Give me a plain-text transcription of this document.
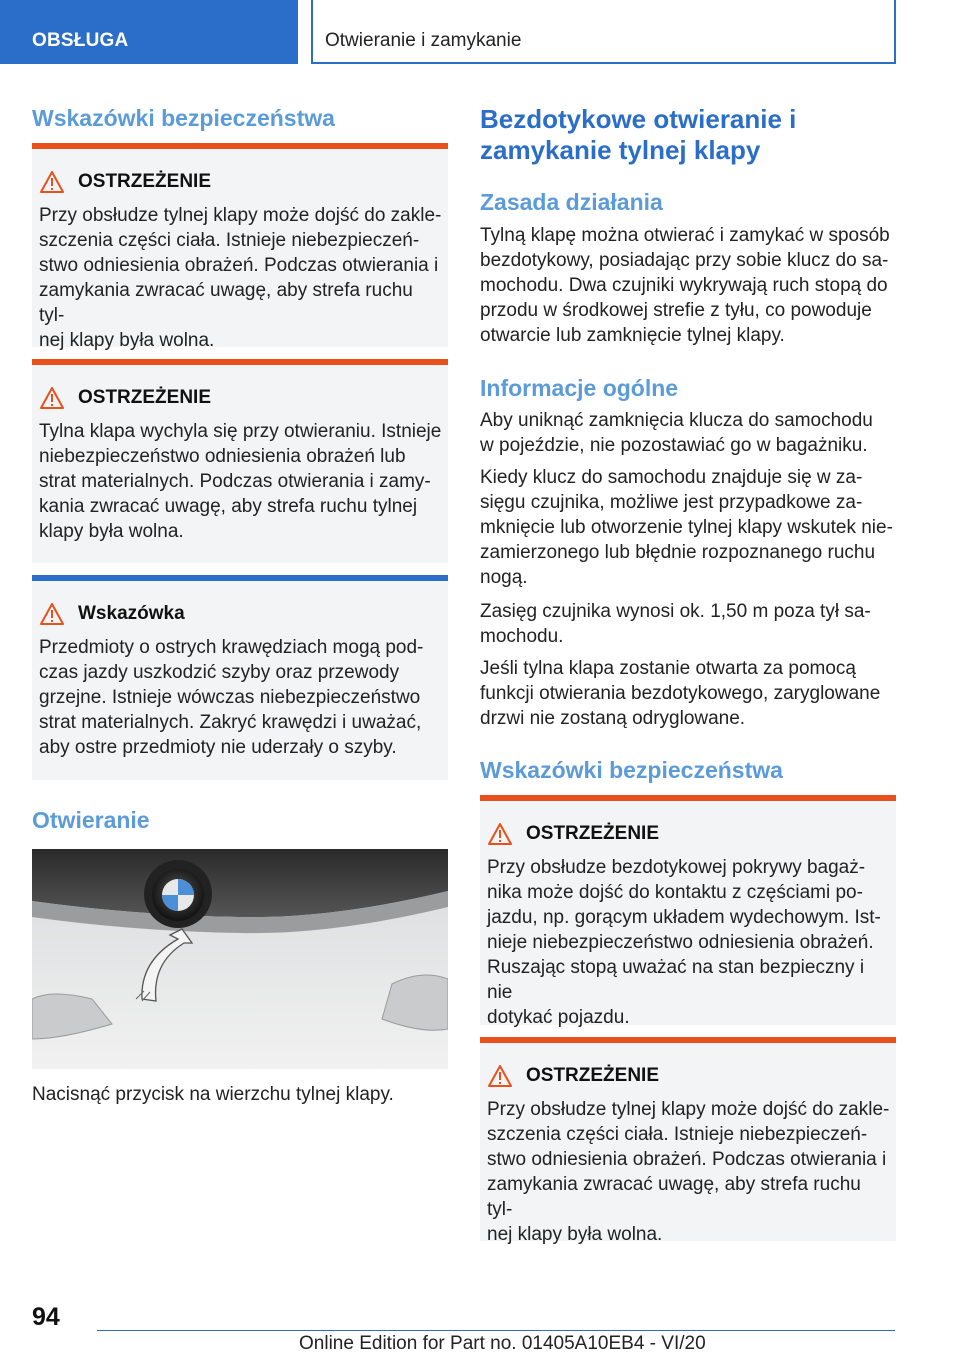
OBSŁUGA	Otwieranie i zamykanie
Wskazówki bezpieczeństwa
OSTRZEŻENIE
Przy obsłudze tylnej klapy może dojść do zakle-
szczenia części ciała. Istnieje niebezpieczeń-
stwo odniesienia obrażeń. Podczas otwierania i
zamykania zwracać uwagę, aby strefa ruchu tyl-
nej klapy była wolna.
OSTRZEŻENIE
Tylna klapa wychyla się przy otwieraniu. Istnieje
niebezpieczeństwo odniesienia obrażeń lub
strat materialnych. Podczas otwierania i zamy-
kania zwracać uwagę, aby strefa ruchu tylnej
klapy była wolna.
Wskazówka
Przedmioty o ostrych krawędziach mogą pod-
czas jazdy uszkodzić szyby oraz przewody
grzejne. Istnieje wówczas niebezpieczeństwo
strat materialnych. Zakryć krawędzi i uważać,
aby ostre przedmioty nie uderzały o szyby.
Otwieranie
Nacisnąć przycisk na wierzchu tylnej klapy.
Bezdotykowe otwieranie i
zamykanie tylnej klapy
Zasada działania
Tylną klapę można otwierać i zamykać w sposób
bezdotykowy, posiadając przy sobie klucz do sa-
mochodu. Dwa czujniki wykrywają ruch stopą do
przodu w środkowej strefie z tyłu, co powoduje
otwarcie lub zamknięcie tylnej klapy.
Informacje ogólne
Aby uniknąć zamknięcia klucza do samochodu
w pojeździe, nie pozostawiać go w bagażniku.
Kiedy klucz do samochodu znajduje się w za-
sięgu czujnika, możliwe jest przypadkowe za-
mknięcie lub otworzenie tylnej klapy wskutek nie-
zamierzonego lub błędnie rozpoznanego ruchu
nogą.
Zasięg czujnika wynosi ok. 1,50 m poza tył sa-
mochodu.
Jeśli tylna klapa zostanie otwarta za pomocą
funkcji otwierania bezdotykowego, zaryglowane
drzwi nie zostaną odryglowane.
Wskazówki bezpieczeństwa
OSTRZEŻENIE
Przy obsłudze bezdotykowej pokrywy bagaż-
nika może dojść do kontaktu z częściami po-
jazdu, np. gorącym układem wydechowym. Ist-
nieje niebezpieczeństwo odniesienia obrażeń.
Ruszając stopą uważać na stan bezpieczny i nie
dotykać pojazdu.
OSTRZEŻENIE
Przy obsłudze tylnej klapy może dojść do zakle-
szczenia części ciała. Istnieje niebezpieczeń-
stwo odniesienia obrażeń. Podczas otwierania i
zamykania zwracać uwagę, aby strefa ruchu tyl-
nej klapy była wolna.
94
Online Edition for Part no. 01405A10EB4 - VI/20
